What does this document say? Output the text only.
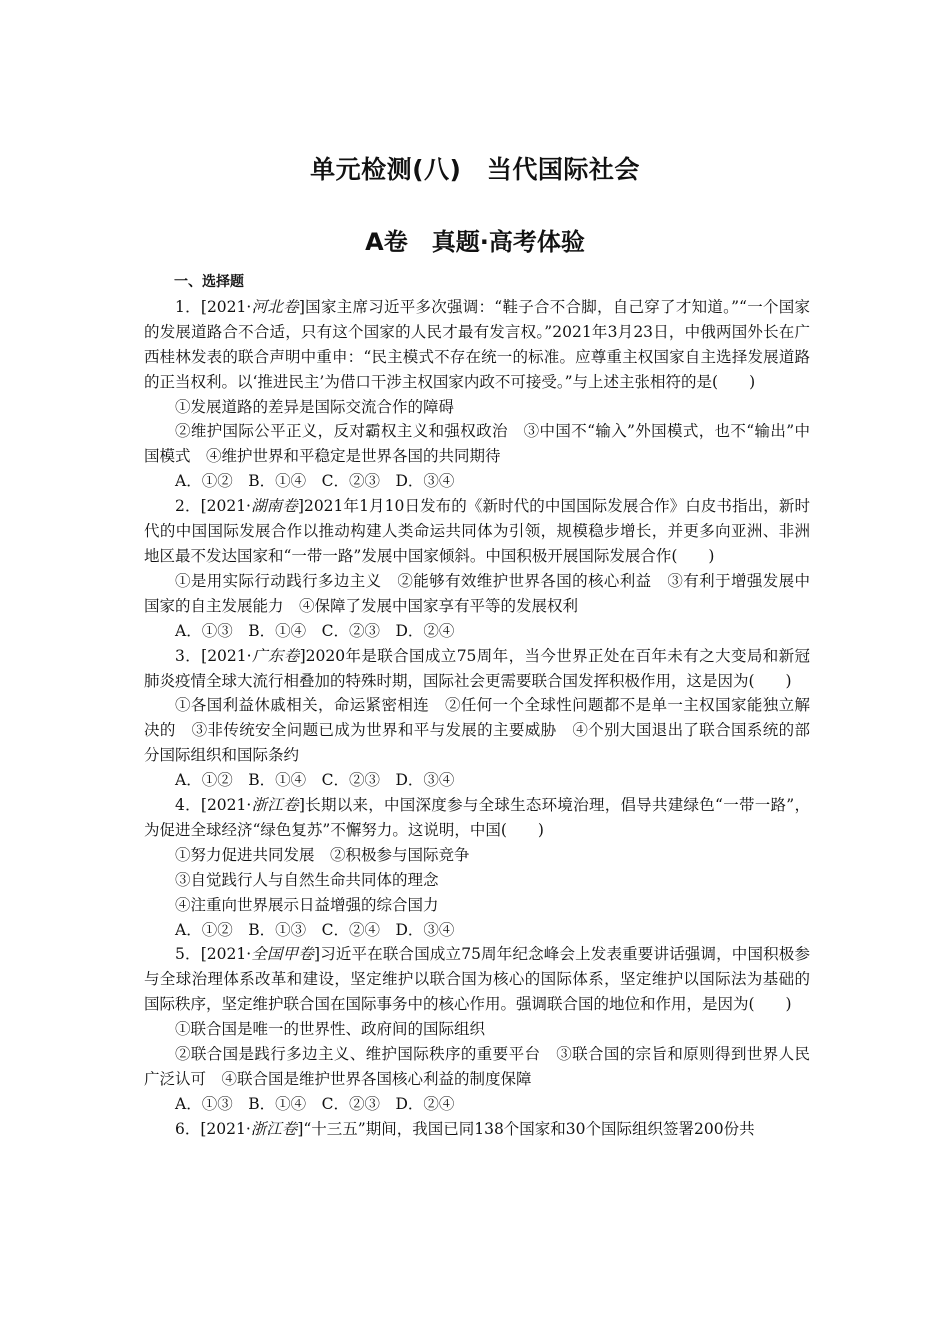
单元检测(八)　当代国际社会
A卷　真题·高考体验
一、选择题
1．[2021·河北卷]国家主席习近平多次强调：“鞋子合不合脚，自己穿了才知道。”“一个国家的发展道路合不合适，只有这个国家的人民才最有发言权。”2021年3月23日，中俄两国外长在广西桂林发表的联合声明中重申：“民主模式不存在统一的标准。应尊重主权国家自主选择发展道路的正当权利。以‘推进民主’为借口干涉主权国家内政不可接受。”与上述主张相符的是(　　)
①发展道路的差异是国际交流合作的障碍
②维护国际公平正义，反对霸权主义和强权政治　③中国不“输入”外国模式，也不“输出”中国模式　④维护世界和平稳定是世界各国的共同期待
A．①②　B．①④　C．②③　D．③④
2．[2021·湖南卷]2021年1月10日发布的《新时代的中国国际发展合作》白皮书指出，新时代的中国国际发展合作以推动构建人类命运共同体为引领，规模稳步增长，并更多向亚洲、非洲地区最不发达国家和“一带一路”发展中国家倾斜。中国积极开展国际发展合作(　　)
①是用实际行动践行多边主义　②能够有效维护世界各国的核心利益　③有利于增强发展中国家的自主发展能力　④保障了发展中国家享有平等的发展权利
A．①③　B．①④　C．②③　D．②④
3．[2021·广东卷]2020年是联合国成立75周年，当今世界正处在百年未有之大变局和新冠肺炎疫情全球大流行相叠加的特殊时期，国际社会更需要联合国发挥积极作用，这是因为(　　)
①各国利益休戚相关，命运紧密相连　②任何一个全球性问题都不是单一主权国家能独立解决的　③非传统安全问题已成为世界和平与发展的主要威胁　④个别大国退出了联合国系统的部分国际组织和国际条约
A．①②　B．①④　C．②③　D．③④
4．[2021·浙江卷]长期以来，中国深度参与全球生态环境治理，倡导共建绿色“一带一路”，为促进全球经济“绿色复苏”不懈努力。这说明，中国(　　)
①努力促进共同发展　②积极参与国际竞争
③自觉践行人与自然生命共同体的理念
④注重向世界展示日益增强的综合国力
A．①②　B．①③　C．②④　D．③④
5．[2021·全国甲卷]习近平在联合国成立75周年纪念峰会上发表重要讲话强调，中国积极参与全球治理体系改革和建设，坚定维护以联合国为核心的国际体系，坚定维护以国际法为基础的国际秩序，坚定维护联合国在国际事务中的核心作用。强调联合国的地位和作用，是因为(　　)
①联合国是唯一的世界性、政府间的国际组织
②联合国是践行多边主义、维护国际秩序的重要平台　③联合国的宗旨和原则得到世界人民广泛认可　④联合国是维护世界各国核心利益的制度保障
A．①③　B．①④　C．②③　D．②④
6．[2021·浙江卷]“十三五”期间，我国已同138个国家和30个国际组织签署200份共
